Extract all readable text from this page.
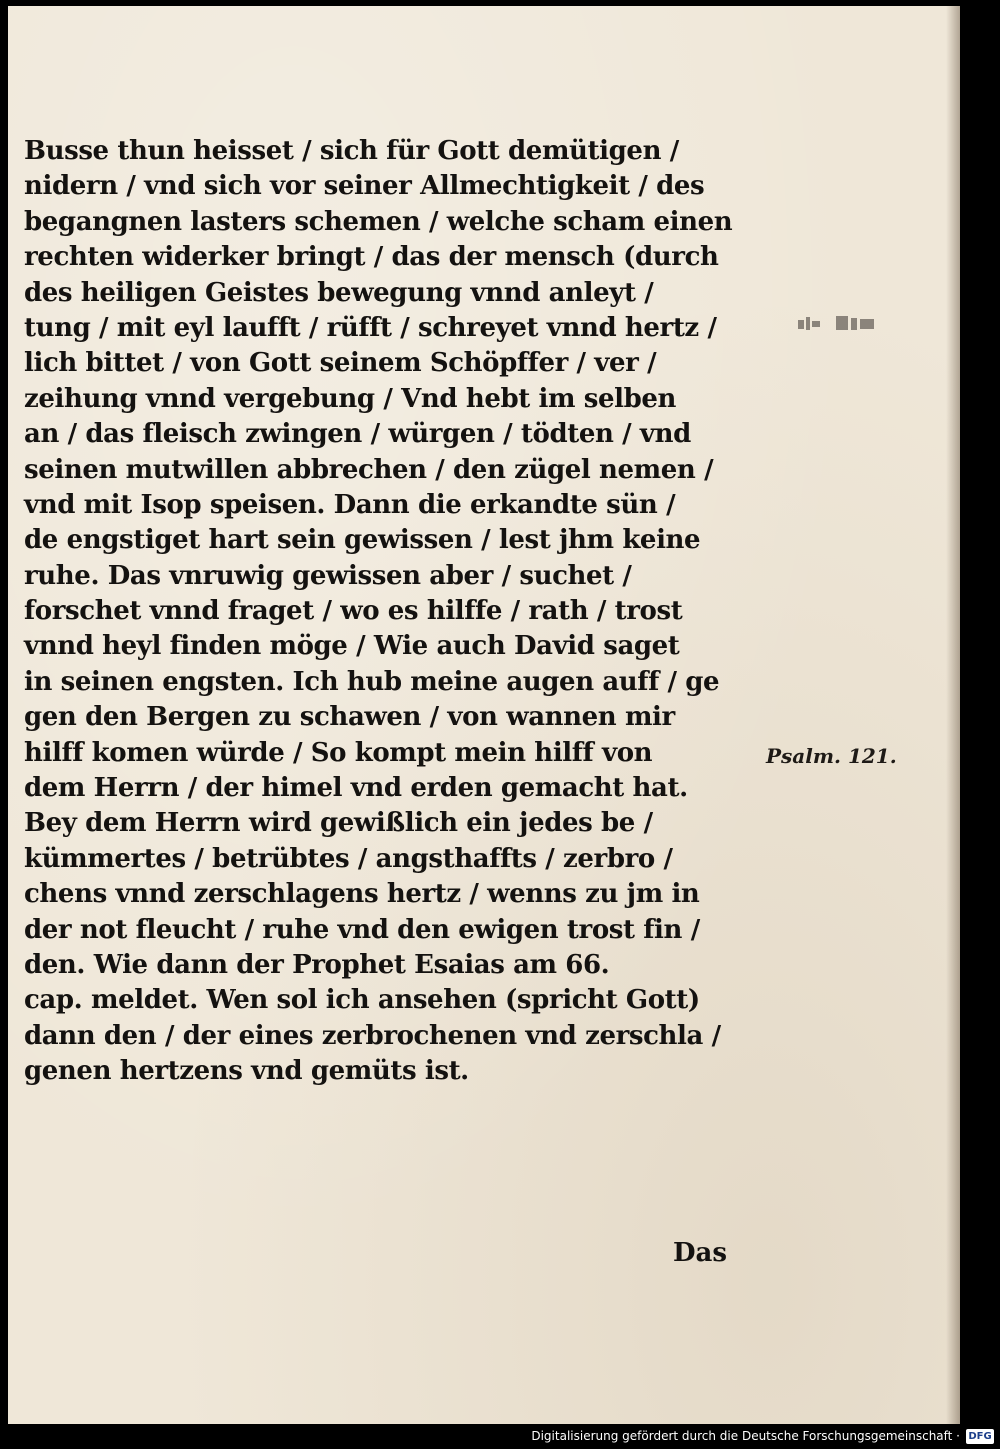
Busse thun heisset / sich für Gott demütigen /
nidern / vnd sich vor seiner Allmechtigkeit / des
begangnen lasters schemen / welche scham einen
rechten widerker bringt / das der mensch (durch
des heiligen Geistes bewegung vnnd anleyt /
tung / mit eyl laufft / rüfft / schreyet vnnd hertz /
lich bittet / von Gott seinem Schöpffer / ver /
zeihung vnnd vergebung / Vnd hebt im selben
an / das fleisch zwingen / würgen / tödten / vnd
seinen mutwillen abbrechen / den zügel nemen /
vnd mit Isop speisen. Dann die erkandte sün /
de engstiget hart sein gewissen / lest jhm keine
ruhe. Das vnruwig gewissen aber / suchet /
forschet vnnd fraget / wo es hilffe / rath / trost
vnnd heyl finden möge / Wie auch David saget
in seinen engsten. Ich hub meine augen auff / ge
gen den Bergen zu schawen / von wannen mir
hilff komen würde / So kompt mein hilff von
dem Herrn / der himel vnd erden gemacht hat.
Bey dem Herrn wird gewißlich ein jedes be /
kümmertes / betrübtes / angsthaffts / zerbro /
chens vnnd zerschlagens hertz / wenns zu jm in
der not fleucht / ruhe vnd den ewigen trost fin /
den. Wie dann der Prophet Esaias am 66.
cap. meldet. Wen sol ich ansehen (spricht Gott)
dann den / der eines zerbrochenen vnd zerschla /
genen hertzens vnd gemüts ist.
Psalm. 121.
Das
Digitalisierung gefördert durch die Deutsche Forschungsgemeinschaft · DFG
